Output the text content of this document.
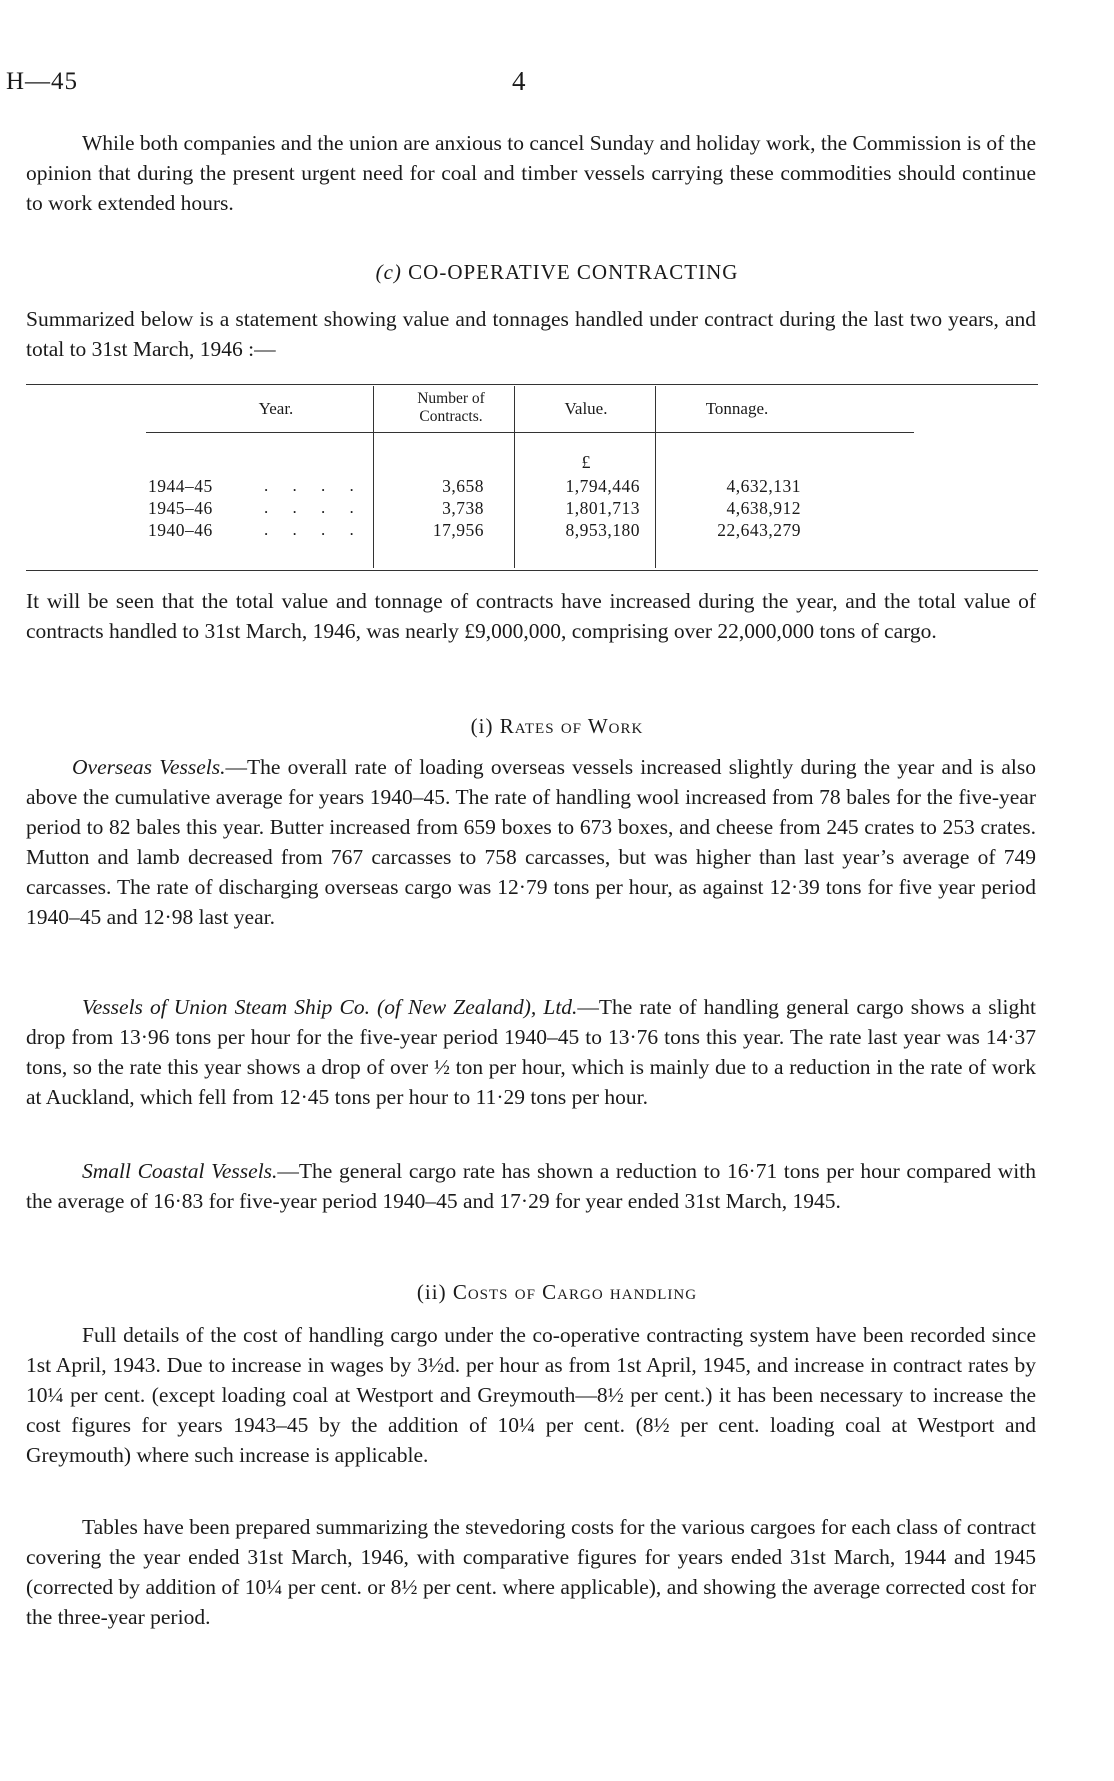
H—45	4

While both companies and the union are anxious to cancel Sunday and holiday work, the Commission is of the opinion that during the present urgent need for coal and timber vessels carrying these commodities should continue to work extended hours.

(c) CO-OPERATIVE CONTRACTING

Summarized below is a statement showing value and tonnages handled under contract during the last two years, and total to 31st March, 1946 :—

Year.
Number of Contracts.	Value.	Tonnage.
£
1944–45	. . . .	3,658	1,794,446	4,632,131
1945–46	. . . .	3,738	1,801,713	4,638,912
1940–46	. . . .	17,956	8,953,180	22,643,279

It will be seen that the total value and tonnage of contracts have increased during the year, and the total value of contracts handled to 31st March, 1946, was nearly £9,000,000, comprising over 22,000,000 tons of cargo.

(i) Rates of Work

Overseas Vessels.—The overall rate of loading overseas vessels increased slightly during the year and is also above the cumulative average for years 1940–45. The rate of handling wool increased from 78 bales for the five-year period to 82 bales this year. Butter increased from 659 boxes to 673 boxes, and cheese from 245 crates to 253 crates. Mutton and lamb decreased from 767 carcasses to 758 carcasses, but was higher than last year’s average of 749 carcasses. The rate of discharging overseas cargo was 12·79 tons per hour, as against 12·39 tons for five year period 1940–45 and 12·98 last year.

Vessels of Union Steam Ship Co. (of New Zealand), Ltd.—The rate of handling general cargo shows a slight drop from 13·96 tons per hour for the five-year period 1940–45 to 13·76 tons this year. The rate last year was 14·37 tons, so the rate this year shows a drop of over ½ ton per hour, which is mainly due to a reduction in the rate of work at Auckland, which fell from 12·45 tons per hour to 11·29 tons per hour.

Small Coastal Vessels.—The general cargo rate has shown a reduction to 16·71 tons per hour compared with the average of 16·83 for five-year period 1940–45 and 17·29 for year ended 31st March, 1945.

(ii) Costs of Cargo handling

Full details of the cost of handling cargo under the co-operative contracting system have been recorded since 1st April, 1943. Due to increase in wages by 3½d. per hour as from 1st April, 1945, and increase in contract rates by 10¼ per cent. (except loading coal at Westport and Greymouth—8½ per cent.) it has been necessary to increase the cost figures for years 1943–45 by the addition of 10¼ per cent. (8½ per cent. loading coal at Westport and Greymouth) where such increase is applicable.

Tables have been prepared summarizing the stevedoring costs for the various cargoes for each class of contract covering the year ended 31st March, 1946, with comparative figures for years ended 31st March, 1944 and 1945 (corrected by addition of 10¼ per cent. or 8½ per cent. where applicable), and showing the average corrected cost for the three-year period.
